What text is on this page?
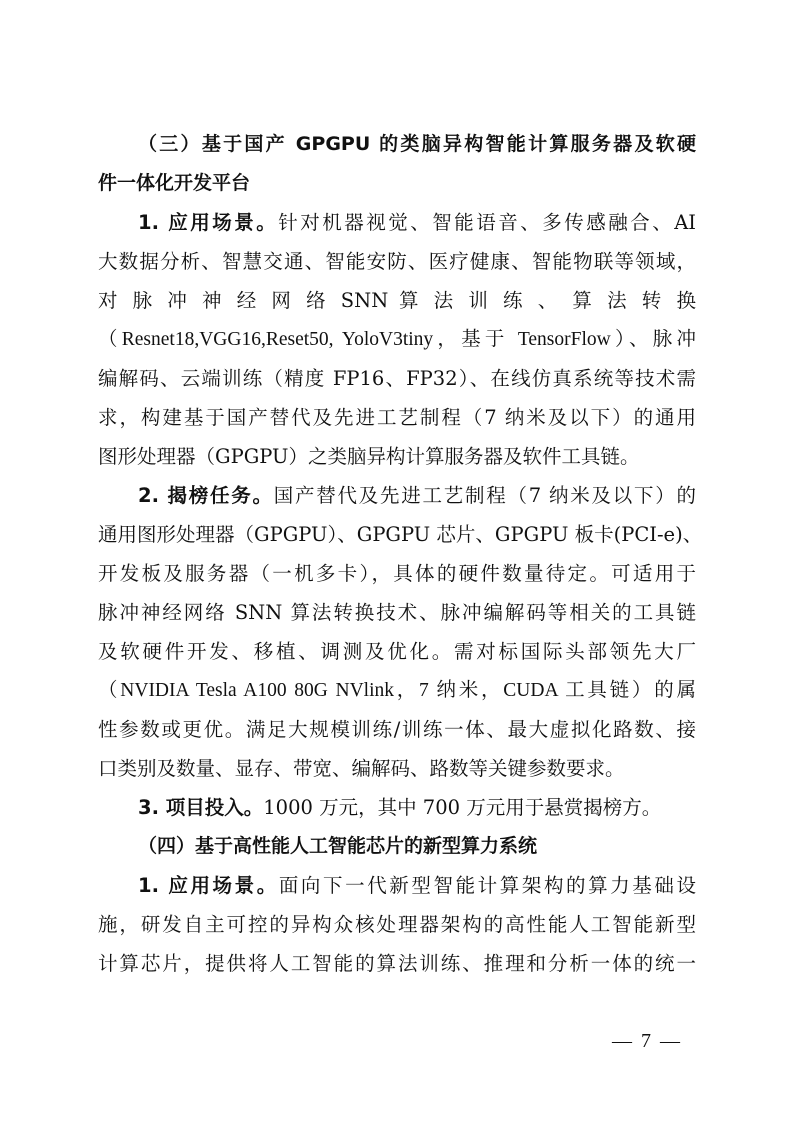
（三）基于国产 GPGPU 的类脑异构智能计算服务器及软硬
件一体化开发平台
1. 应用场景。针对机器视觉、智能语音、多传感融合、AI
大数据分析、智慧交通、智能安防、医疗健康、智能物联等领域，
对 脉 冲 神 经 网 络 SNN 算 法 训 练 、 算 法 转 换
（Resnet18,VGG16,Reset50, YoloV3tiny，基于 TensorFlow）、脉冲
编解码、云端训练（精度 FP16、FP32）、在线仿真系统等技术需
求，构建基于国产替代及先进工艺制程（7 纳米及以下）的通用
图形处理器（GPGPU）之类脑异构计算服务器及软件工具链。
2. 揭榜任务。国产替代及先进工艺制程（7 纳米及以下）的
通用图形处理器（GPGPU）、GPGPU 芯片、GPGPU 板卡(PCI-e)、
开发板及服务器（一机多卡），具体的硬件数量待定。可适用于
脉冲神经网络 SNN 算法转换技术、脉冲编解码等相关的工具链
及软硬件开发、移植、调测及优化。需对标国际头部领先大厂
（NVIDIA Tesla A100 80G NVlink，7 纳米，CUDA 工具链）的属
性参数或更优。满足大规模训练/训练一体、最大虚拟化路数、接
口类别及数量、显存、带宽、编解码、路数等关键参数要求。
3. 项目投入。1000 万元，其中 700 万元用于悬赏揭榜方。
（四）基于高性能人工智能芯片的新型算力系统
1. 应用场景。面向下一代新型智能计算架构的算力基础设
施，研发自主可控的异构众核处理器架构的高性能人工智能新型
计算芯片，提供将人工智能的算法训练、推理和分析一体的统一
— 7 —
